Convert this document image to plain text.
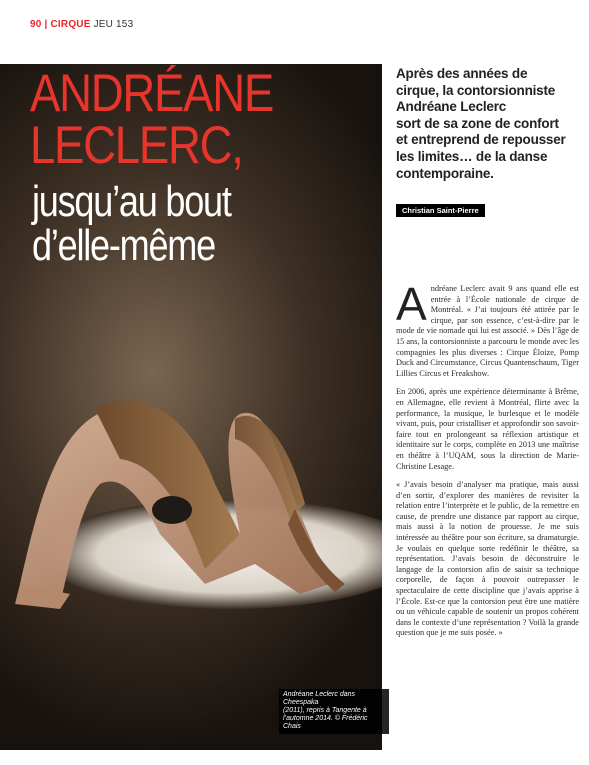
90 | CIRQUE JEU 153
ANDRÉANE
LECLERC,
jusqu’au bout
d’elle-même
Andréane Leclerc dans Cheespaka
(2011), repris à Tangente à
l’automne 2014. © Frédéric Chais
Après des années de
cirque, la contorsionniste
Andréane Leclerc
sort de sa zone de confort
et entreprend de repousser
les limites… de la danse
contemporaine.
Christian Saint-Pierre

Andréane Leclerc avait 9 ans quand elle est entrée à l’École nationale de cirque de Montréal. « J’ai toujours été attirée par le cirque, par son essence, c’est-à-dire par le mode de vie nomade qui lui est associé. » Dès l’âge de 15 ans, la contorsionniste a parcouru le monde avec les compagnies les plus diverses : Cirque Éloize, Pomp Duck and Circumstance, Circus Quantenschaum, Tiger Lillies Circus et Freakshow.

En 2006, après une expérience déterminante à Brême, en Allemagne, elle revient à Montréal, flirte avec la performance, la musique, le burlesque et le modèle vivant, puis, pour cristalliser et approfondir son savoir-faire tout en prolongeant sa réflexion artistique et identitaire sur le corps, complète en 2013 une maîtrise en théâtre à l’UQAM, sous la direction de Marie-Christine Lesage.

« J’avais besoin d’analyser ma pratique, mais aussi d’en sortir, d’explorer des manières de revisiter la relation entre l’interprète et le public, de la remettre en cause, de prendre une distance par rapport au cirque, mais aussi à la notion de prouesse. Je me suis intéressée au théâtre pour son écriture, sa dramaturgie. Je voulais en quelque sorte redéfinir le théâtre, sa représentation. J’avais besoin de déconstruire le langage de la contorsion afin de saisir sa technique corporelle, de façon à pouvoir outrepasser le spectaculaire de cette discipline que j’avais apprise à l’École. Est-ce que la contorsion peut être une matière ou un véhicule capable de soutenir un propos cohérent dans le contexte d’une représentation ? Voilà la grande question que je me suis posée. »
